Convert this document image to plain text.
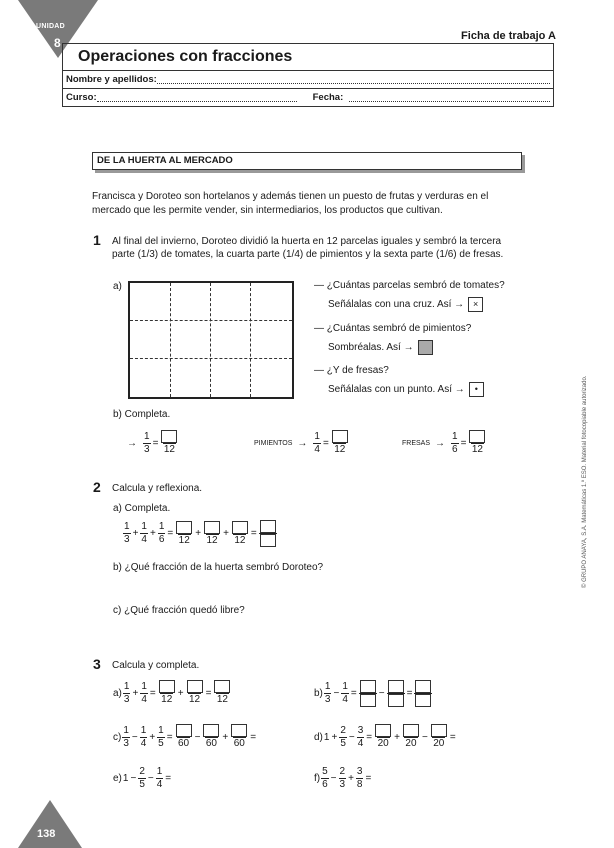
UNIDAD
8	Ficha de trabajo A
Operaciones con fracciones
Nombre y apellidos:
Curso:	Fecha:
DE LA HUERTA AL MERCADO
Francisca y Doroteo son hortelanos y además tienen un puesto de frutas y verduras en el mercado que les permite vender, sin intermediarios, los productos que cultivan.
1 Al final del invierno, Doroteo dividió la huerta en 12 parcelas iguales y sembró la tercera parte (1/3) de tomates, la cuarta parte (1/4) de pimientos y la sexta parte (1/6) de fresas.
a)	— ¿Cuántas parcelas sembró de tomates?
Señálalas con una cruz. Así → ×
— ¿Cuántas sembró de pimientos?
Sombréalas. Así →
— ¿Y de fresas?
Señálalas con un punto. Así →	•
b) Completa.
→ $\frac{1}{3}$ =
12
PIMIENTOS → $\frac{1}{4}$ =
12
FRESAS → $\frac{1}{6}$ =
12
2 Calcula y reflexiona.
a) Completa.
$\frac{1}{3} + \frac{1}{4} + \frac{1}{6}$ =
12
+
12
+
12
=
b) ¿Qué fracción de la huerta sembró Doroteo?
c) ¿Qué fracción quedó libre?
3 Calcula y completa.
$a) \frac{1}{3} + \frac{1}{4}$ =
12
+
12
=
12
$b) \frac{1}{3} - \frac{1}{4}$ = − =
$c) \frac{1}{3} - \frac{1}{4} + \frac{1}{5}$ =
60
−
60
+
60
=	d) $1 + \frac{2}{5} - \frac{3}{4}$ =
20
+
20
−
20
=
e) $1 - \frac{2}{5} - \frac{1}{4}$ =	$f) \frac{5}{6} - \frac{2}{3} + \frac{3}{8}$ =
© GRUPO ANAYA, S.A. Matemáticas 1.º ESO. Material fotocopiable autorizado.
138
